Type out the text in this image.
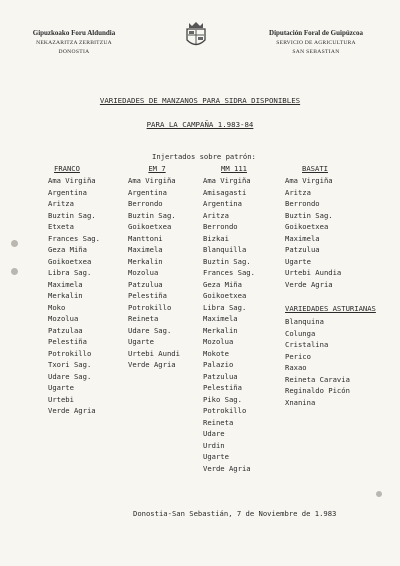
Gipuzkoako Foru Aldundia
NEKAZARITZA ZERBITZUA
DONOSTIA
Diputación Foral de Guipúzcoa
SERVICIO DE AGRICULTURA
SAN SEBASTIAN
VARIEDADES DE MANZANOS PARA SIDRA DISPONIBLES
PARA LA CAMPAÑA 1.983-84
Injertados sobre patrón:
FRANCO
Ama Virgiña
Argentina
Aritza
Buztin Sag.
Etxeta
Frances Sag.
Geza Miña
Goikoetxea
Libra Sag.
Maximela
Merkalin
Moko
Mozolua
Patzulaa
Pelestiña
Potrokillo
Txori Sag.
Udare Sag.
Ugarte
Urtebi
Verde Agria
EM 7
Ama Virgiña
Argentina
Berrondo
Buztin Sag.
Goikoetxea
Manttoni
Maximela
Merkalin
Mozolua
Patzulua
Pelestiña
Potrokillo
Reineta
Udare Sag.
Ugarte
Urtebi Aundi
Verde Agria
MM 111
Ama Virgiña
Amisagasti
Argentina
Aritza
Berrondo
Bizkai
Blanquilla
Buztin Sag.
Frances Sag.
Geza Miña
Goikoetxea
Libra Sag.
Maximela
Merkalin
Mozolua
Mokote
Palazio
Patzulua
Pelestiña
Piko Sag.
Potrokillo
Reineta
Udare
Urdin
Ugarte
Verde Agria
BASATI
Ama Virgiña
Aritza
Berrondo
Buztin Sag.
Goikoetxea
Maximela
Patzulua
Ugarte
Urtebi Aundia
Verde Agria
VARIEDADES ASTURIANAS
Blanquina
Colunga
Cristalina
Perico
Raxao
Reineta Caravia
Reginaldo Picón
Xnanina
Donostia-San Sebastián, 7 de Noviembre de 1.983
